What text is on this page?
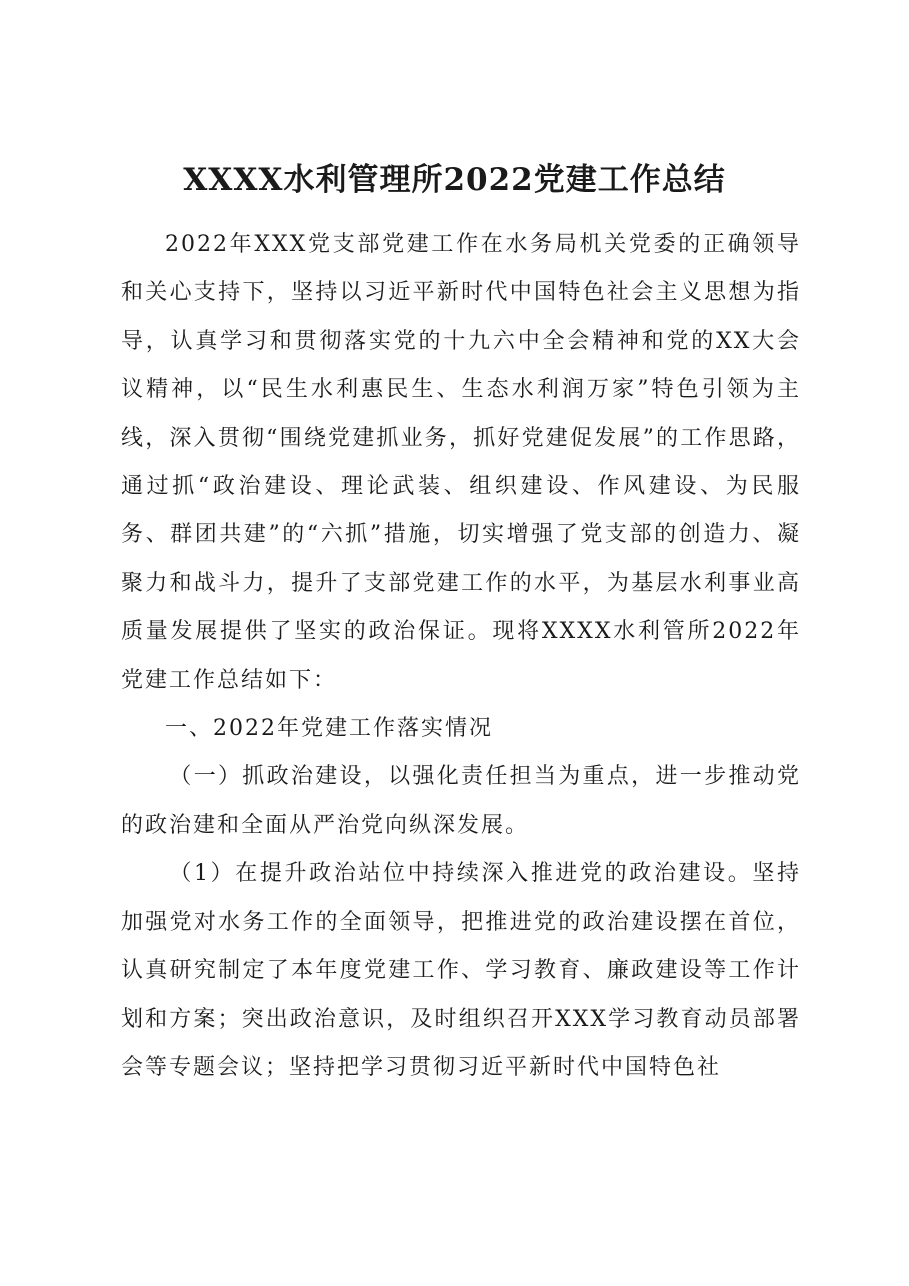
XXXX水利管理所2022党建工作总结

2022年XXX党支部党建工作在水务局机关党委的正确领导和关心支持下，坚持以习近平新时代中国特色社会主义思想为指导，认真学习和贯彻落实党的十九六中全会精神和党的XX大会议精神，以“民生水利惠民生、生态水利润万家”特色引领为主线，深入贯彻“围绕党建抓业务，抓好党建促发展”的工作思路，通过抓“政治建设、理论武装、组织建设、作风建设、为民服务、群团共建”的“六抓”措施，切实增强了党支部的创造力、凝聚力和战斗力，提升了支部党建工作的水平，为基层水利事业高质量发展提供了坚实的政治保证。现将XXXX水利管所2022年党建工作总结如下：

一、2022年党建工作落实情况

（一）抓政治建设，以强化责任担当为重点，进一步推动党的政治建和全面从严治党向纵深发展。

（1）在提升政治站位中持续深入推进党的政治建设。坚持加强党对水务工作的全面领导，把推进党的政治建设摆在首位，认真研究制定了本年度党建工作、学习教育、廉政建设等工作计划和方案；突出政治意识，及时组织召开XXX学习教育动员部署会等专题会议；坚持把学习贯彻习近平新时代中国特色社
